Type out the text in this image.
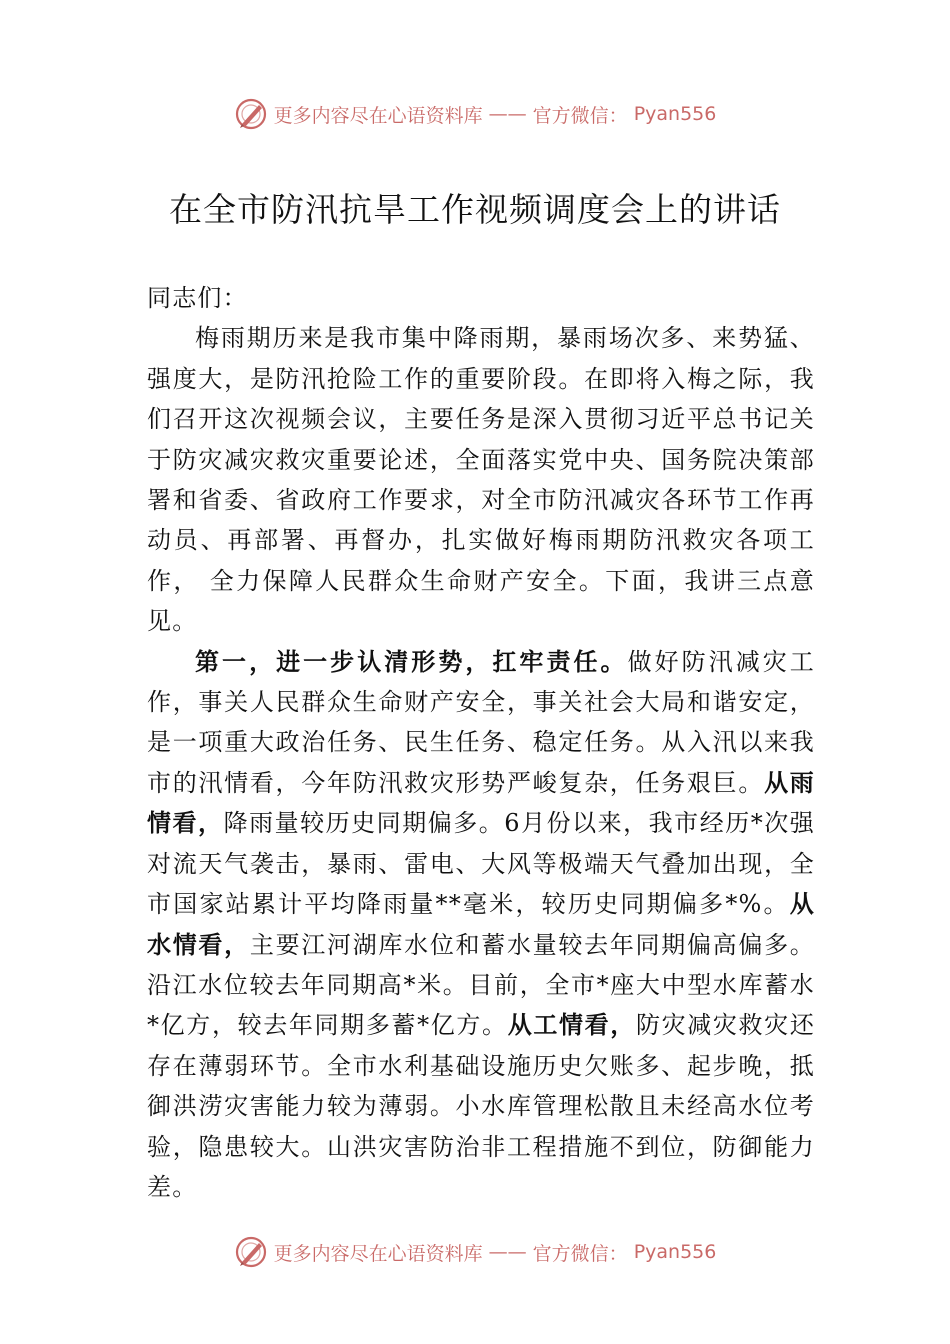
更多内容尽在心语资料库 —— 官方微信： Pyan556
在全市防汛抗旱工作视频调度会上的讲话

同志们：

梅雨期历来是我市集中降雨期，暴雨场次多、来势猛、强度大，是防汛抢险工作的重要阶段。在即将入梅之际，我们召开这次视频会议，主要任务是深入贯彻习近平总书记关于防灾减灾救灾重要论述，全面落实党中央、国务院决策部署和省委、省政府工作要求，对全市防汛减灾各环节工作再动员、再部署、再督办，扎实做好梅雨期防汛救灾各项工作， 全力保障人民群众生命财产安全。下面，我讲三点意见。

第一，进一步认清形势，扛牢责任。做好防汛减灾工作，事关人民群众生命财产安全，事关社会大局和谐安定，是一项重大政治任务、民生任务、稳定任务。从入汛以来我市的汛情看，今年防汛救灾形势严峻复杂，任务艰巨。从雨情看，降雨量较历史同期偏多。6月份以来，我市经历*次强对流天气袭击，暴雨、雷电、大风等极端天气叠加出现，全市国家站累计平均降雨量**毫米，较历史同期偏多*%。从水情看，主要江河湖库水位和蓄水量较去年同期偏高偏多。沿江水位较去年同期高*米。目前，全市*座大中型水库蓄水*亿方，较去年同期多蓄*亿方。从工情看，防灾减灾救灾还存在薄弱环节。全市水利基础设施历史欠账多、起步晚，抵御洪涝灾害能力较为薄弱。小水库管理松散且未经高水位考验，隐患较大。山洪灾害防治非工程措施不到位，防御能力差。

更多内容尽在心语资料库 —— 官方微信： Pyan556
